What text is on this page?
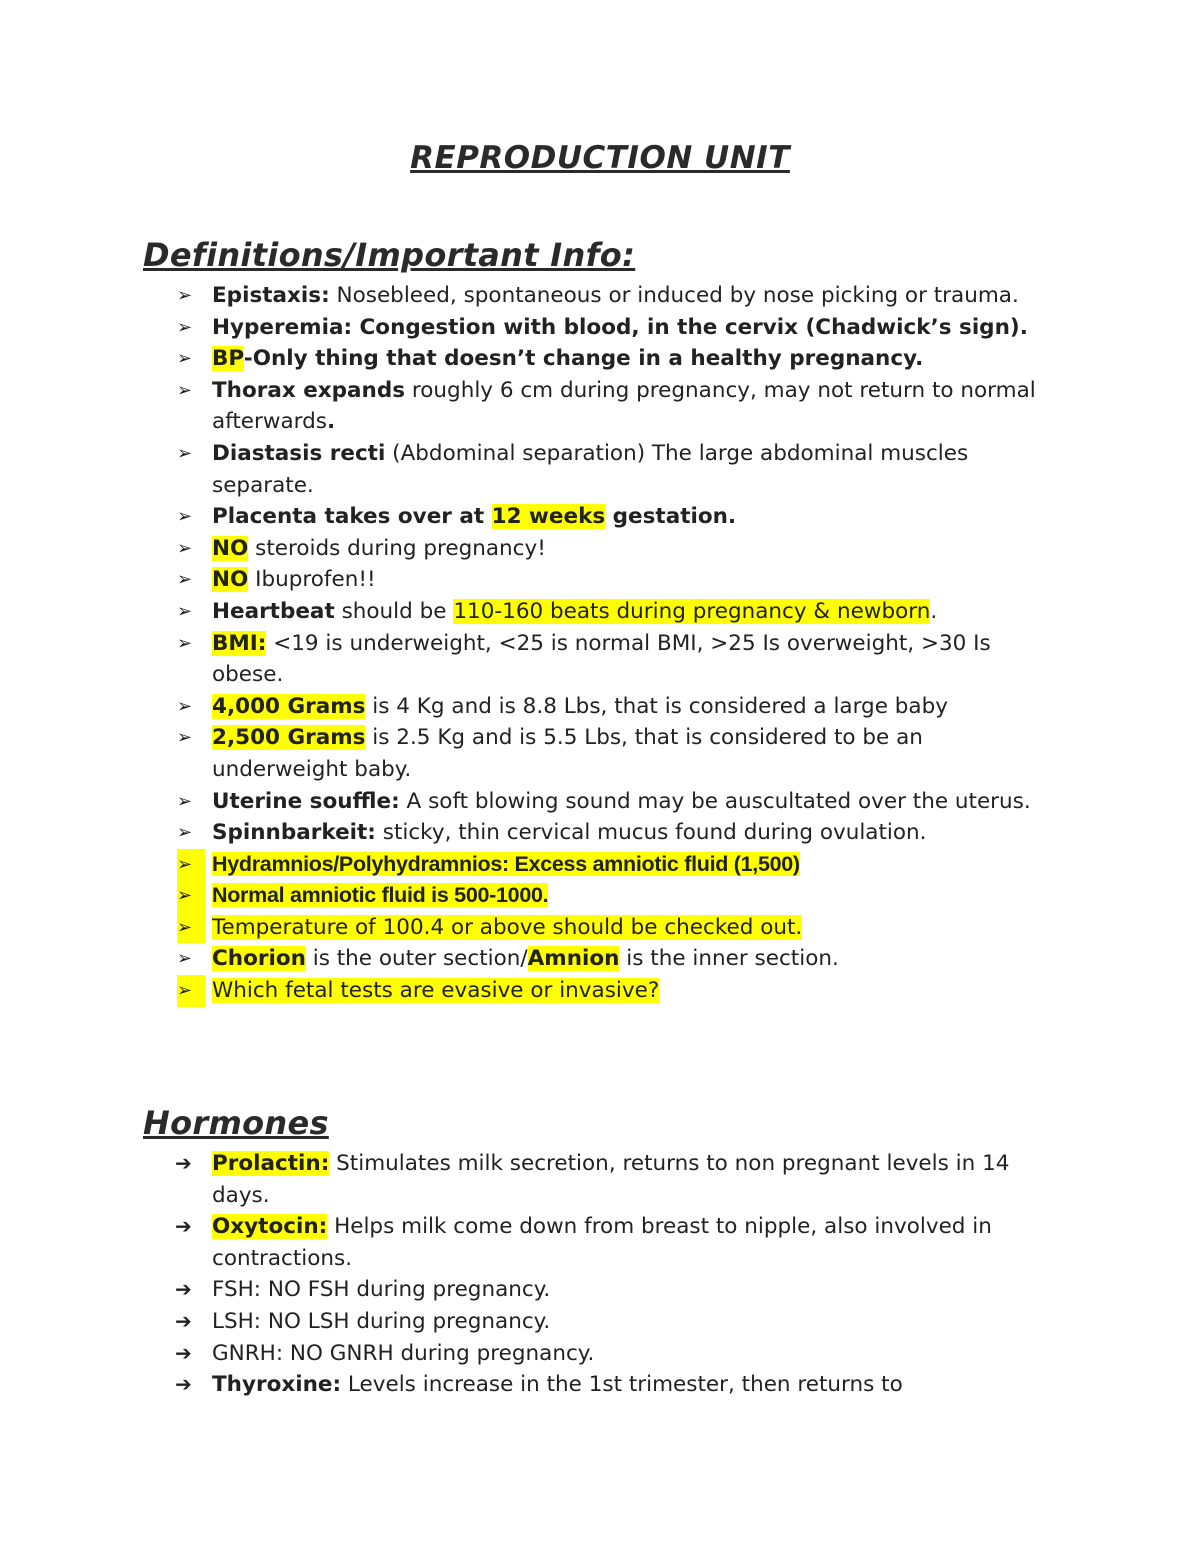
REPRODUCTION UNIT
Definitions/Important Info:
➢ Epistaxis: Nosebleed, spontaneous or induced by nose picking or trauma.
➢ Hyperemia: Congestion with blood, in the cervix (Chadwick’s sign).
➢ BP-Only thing that doesn’t change in a healthy pregnancy.
➢ Thorax expands roughly 6 cm during pregnancy, may not return to normal afterwards.
➢ Diastasis recti (Abdominal separation) The large abdominal muscles separate.
➢ Placenta takes over at 12 weeks gestation.
➢ NO steroids during pregnancy!
➢ NO Ibuprofen!!
➢ Heartbeat should be 110-160 beats during pregnancy & newborn.
➢ BMI: <19 is underweight, <25 is normal BMI, >25 Is overweight, >30 Is obese.
➢ 4,000 Grams is 4 Kg and is 8.8 Lbs, that is considered a large baby
➢ 2,500 Grams is 2.5 Kg and is 5.5 Lbs, that is considered to be an underweight baby.
➢ Uterine souffle: A soft blowing sound may be auscultated over the uterus.
➢ Spinnbarkeit: sticky, thin cervical mucus found during ovulation.
Hydramnios/Polyhydramnios: Excess amniotic fluid (1,500)
➢
Normal amniotic fluid is 500-1000.
➢
➢ Temperature of 100.4 or above should be checked out.
➢ Chorion is the outer section/Amnion is the inner section.
➢ Which fetal tests are evasive or invasive?
Hormones
➔ Prolactin: Stimulates milk secretion, returns to non pregnant levels in 14 days.
➔ Oxytocin: Helps milk come down from breast to nipple, also involved in contractions.
➔ FSH: NO FSH during pregnancy.
➔ LSH: NO LSH during pregnancy.
➔ GNRH: NO GNRH during pregnancy.
➔ Thyroxine: Levels increase in the 1st trimester, then returns to
